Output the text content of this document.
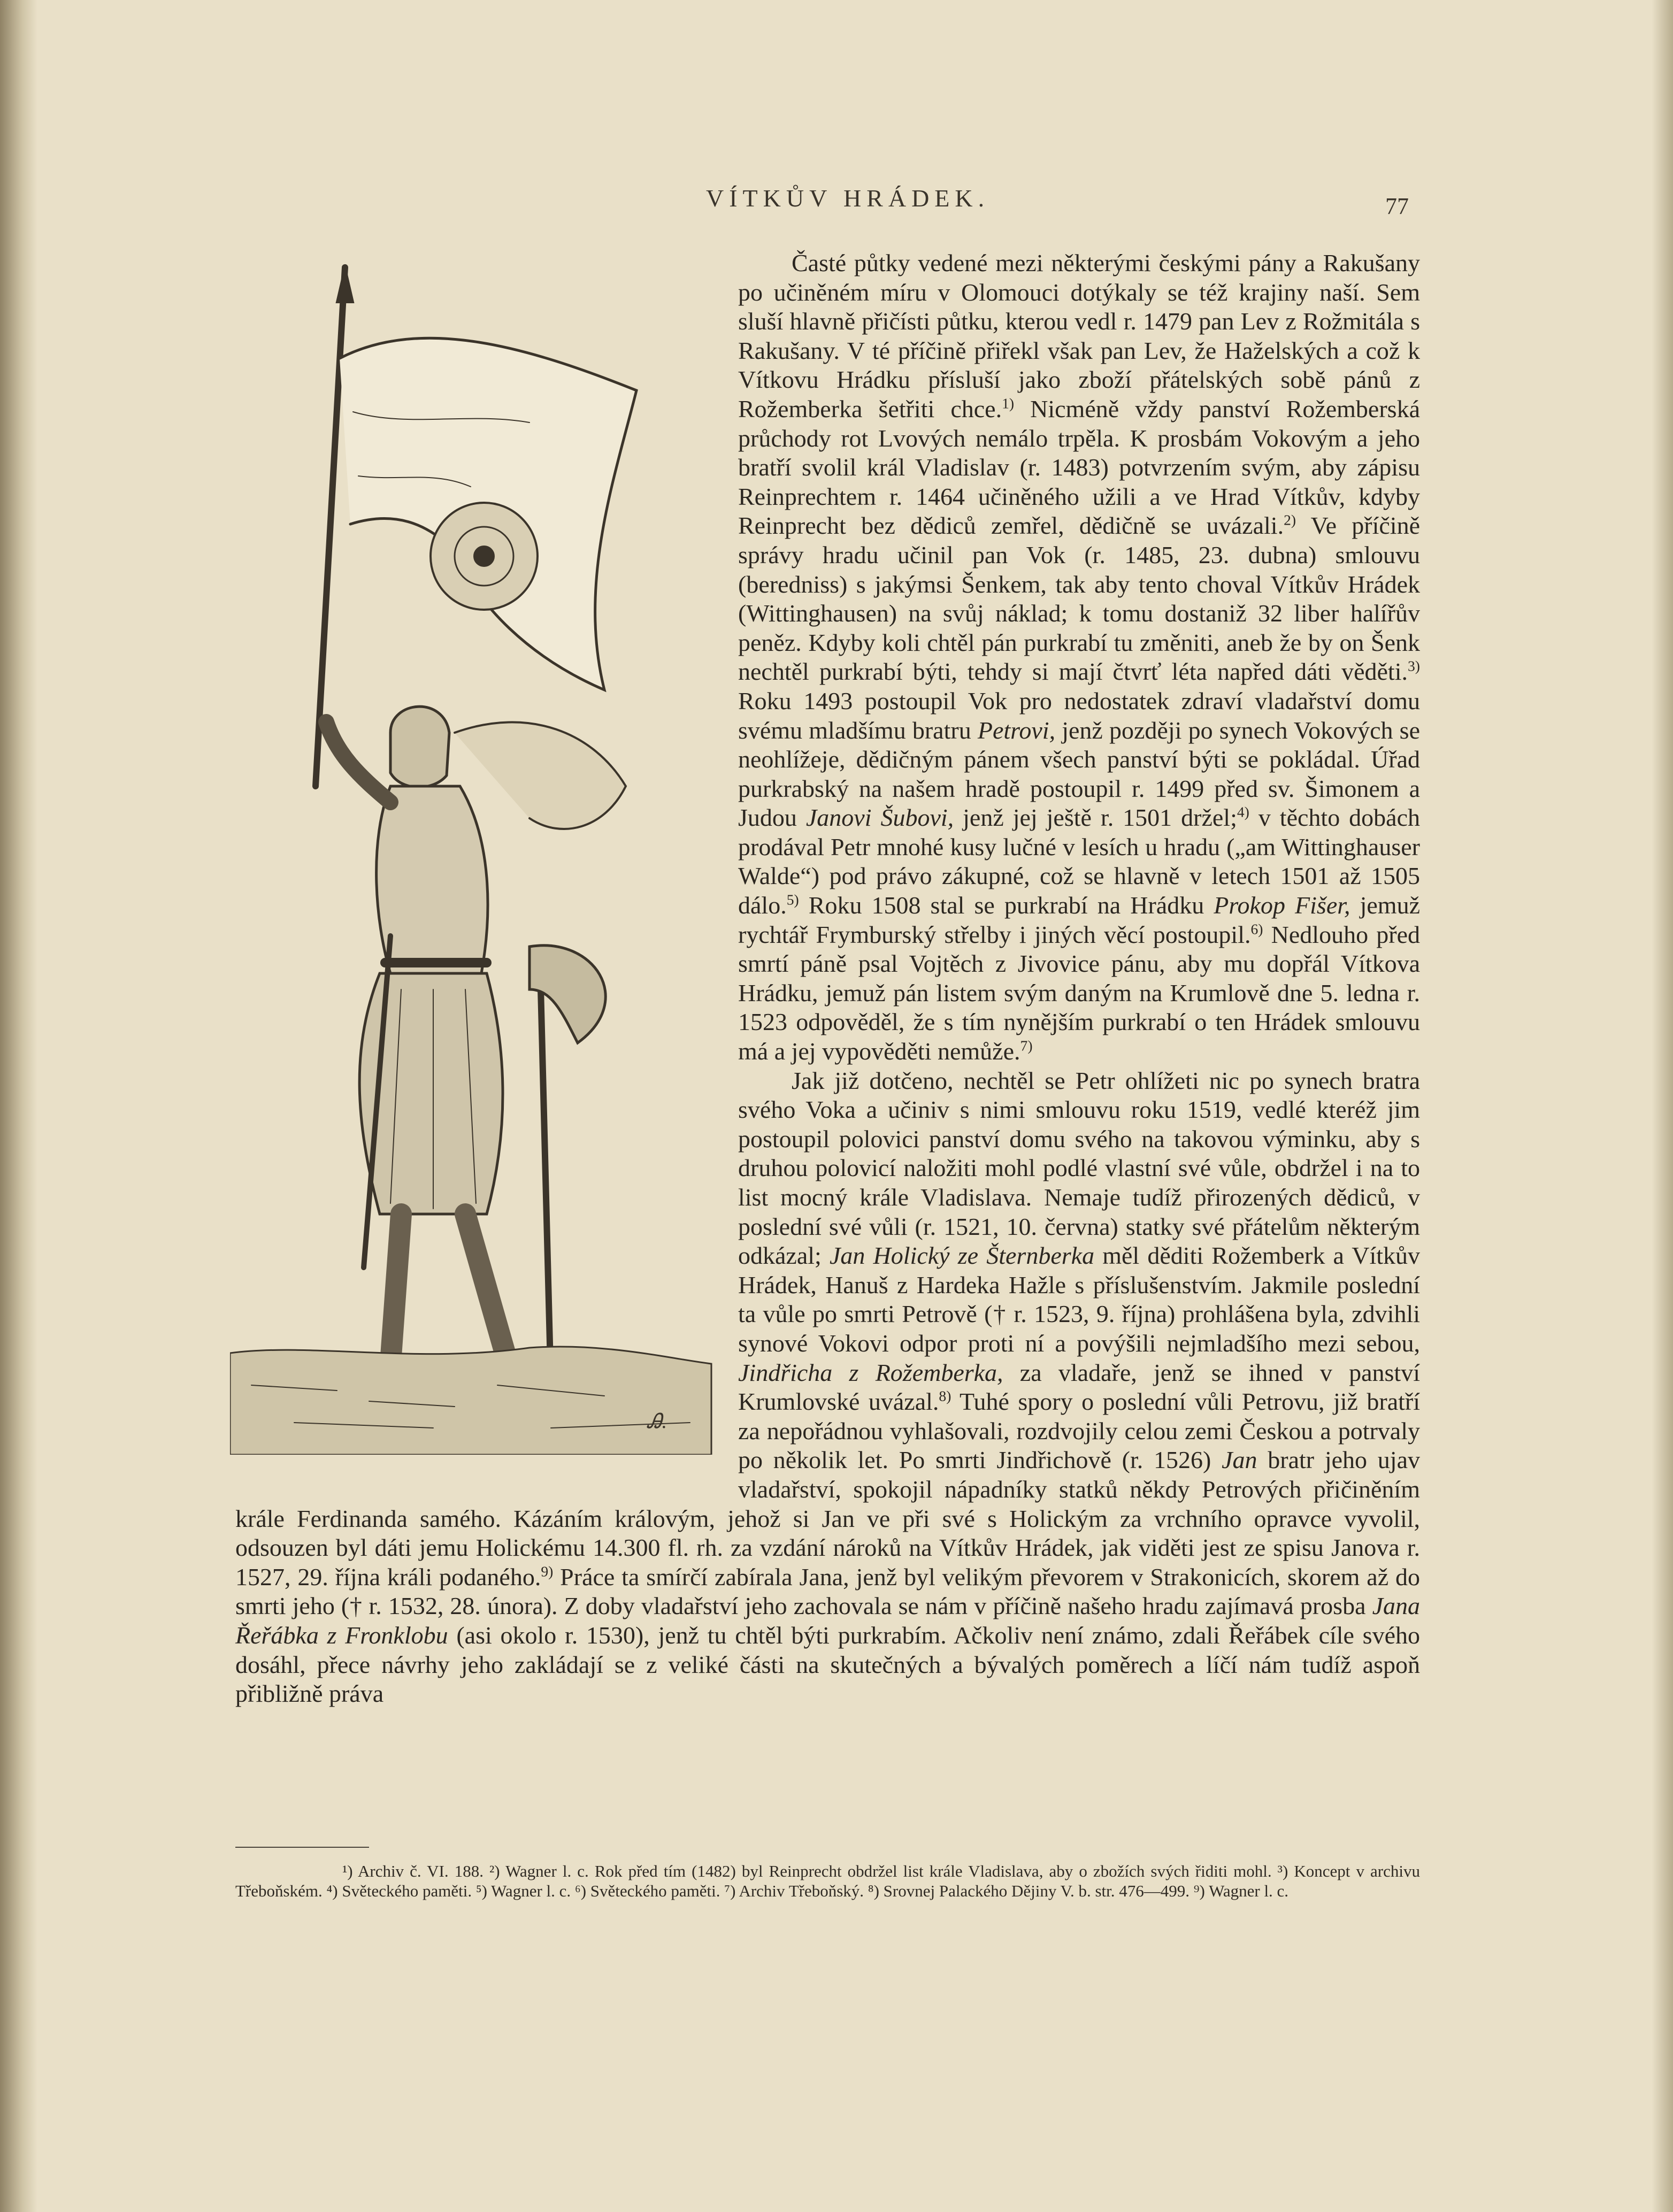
VÍTKŮV HRÁDEK.	77
Ꭿ.

Časté půtky vedené mezi některými českými pány a Rakušany po učiněném míru v Olomouci dotýkaly se též krajiny naší. Sem sluší hlavně přičísti půtku, kterou vedl r. 1479 pan Lev z Rožmitála s Rakušany. V té příčině přiřekl však pan Lev, že Haželských a což k Vítkovu Hrádku přísluší jako zboží přátelských sobě pánů z Rožemberka šetřiti chce.$^{1)}$ Nicméně vždy panství Rožemberská průchody rot Lvových nemálo trpěla. K prosbám Vokovým a jeho bratří svolil král Vladislav (r. 1483) potvrzením svým, aby zápisu Reinprechtem r. 1464 učiněného užili a ve Hrad Vítkův, kdyby Reinprecht bez dědiců zemřel, dědičně se uvázali.$^{2)}$ Ve příčině správy hradu učinil pan Vok (r. 1485, 23. dubna) smlouvu (beredniss) s jakýmsi Šenkem, tak aby tento choval Vítkův Hrádek (Wittinghausen) na svůj náklad; k tomu dostaniž 32 liber halířův peněz. Kdyby koli chtěl pán purkrabí tu změniti, aneb že by on Šenk nechtěl purkrabí býti, tehdy si mají čtvrť léta napřed dáti věděti.$^{3)}$ Roku 1493 postoupil Vok pro nedostatek zdraví vladařství domu svému mladšímu bratru Petrovi, jenž později po synech Vokových se neohlížeje, dědičným pánem všech panství býti se pokládal. Úřad purkrabský na našem hradě postoupil r. 1499 před sv. Šimonem a Judou Janovi Šubovi, jenž jej ještě r. 1501 držel;$^{4)}$ v těchto dobách prodával Petr mnohé kusy lučné v lesích u hradu („am Wittinghauser Walde“) pod právo zákupné, což se hlavně v letech 1501 až 1505 dálo.$^{5)}$ Roku 1508 stal se purkrabí na Hrádku Prokop Fišer, jemuž rychtář Frymburský střelby i jiných věcí postoupil.$^{6)}$ Nedlouho před smrtí páně psal Vojtěch z Jivovice pánu, aby mu dopřál Vítkova Hrádku, jemuž pán listem svým daným na Krumlově dne 5. ledna r. 1523 odpověděl, že s tím nynějším purkrabí o ten Hrádek smlouvu má a jej vypověděti nemůže.$^{7)}$

Jak již dotčeno, nechtěl se Petr ohlížeti nic po synech bratra svého Voka a učiniv s nimi smlouvu roku 1519, vedlé kteréž jim postoupil polovici panství domu svého na takovou výminku, aby s druhou polovicí naložiti mohl podlé vlastní své vůle, obdržel i na to list mocný krále Vladislava. Nemaje tudíž přirozených dědiců, v poslední své vůli (r. 1521, 10. června) statky své přátelům některým odkázal; Jan Holický ze Šternberka měl děditi Rožemberk a Vítkův Hrádek, Hanuš z Hardeka Hažle s příslušenstvím. Jakmile poslední ta vůle po smrti Petrově († r. 1523, 9. října) prohlášena byla, zdvihli synové Vokovi odpor proti ní a povýšili nejmladšího mezi sebou, Jindřicha z Rožemberka, za vladaře, jenž se ihned v panství Krumlovské uvázal.$^{8)}$ Tuhé spory o poslední vůli Petrovu, již bratří za nepořádnou vyhlašovali, rozdvojily celou zemi Českou a potrvaly po několik let. Po smrti Jindřichově (r. 1526) Jan bratr jeho ujav vladařství, spokojil nápadníky statků někdy Petrových přičiněním krále Ferdinanda samého. Kázáním královým, jehož si Jan ve při své s Holickým za vrchního opravce vyvolil, odsouzen byl dáti jemu Holickému 14.300 fl. rh. za vzdání nároků na Vítkův Hrádek, jak viděti jest ze spisu Janova r. 1527, 29. října králi podaného.$^{9)}$ Práce ta smírčí zabírala Jana, jenž byl velikým převorem v Strakonicích, skorem až do smrti jeho († r. 1532, 28. února). Z doby vladařství jeho zachovala se nám v příčině našeho hradu zajímavá prosba Jana Řeřábka z Fronklobu (asi okolo r. 1530), jenž tu chtěl býti purkrabím. Ačkoliv není známo, zdali Řeřábek cíle svého dosáhl, přece návrhy jeho zakládají se z veliké části na skutečných a bývalých poměrech a líčí nám tudíž aspoň přibližně práva

¹) Archiv č. VI. 188. ²) Wagner l. c. Rok před tím (1482) byl Reinprecht obdržel list krále Vladislava, aby o zbožích svých řiditi mohl. ³) Koncept v archivu Třeboňském. ⁴) Světeckého paměti. ⁵) Wagner l. c. ⁶) Světeckého paměti. ⁷) Archiv Třeboňský. ⁸) Srovnej Palackého Dějiny V. b. str. 476—499. ⁹) Wagner l. c.
